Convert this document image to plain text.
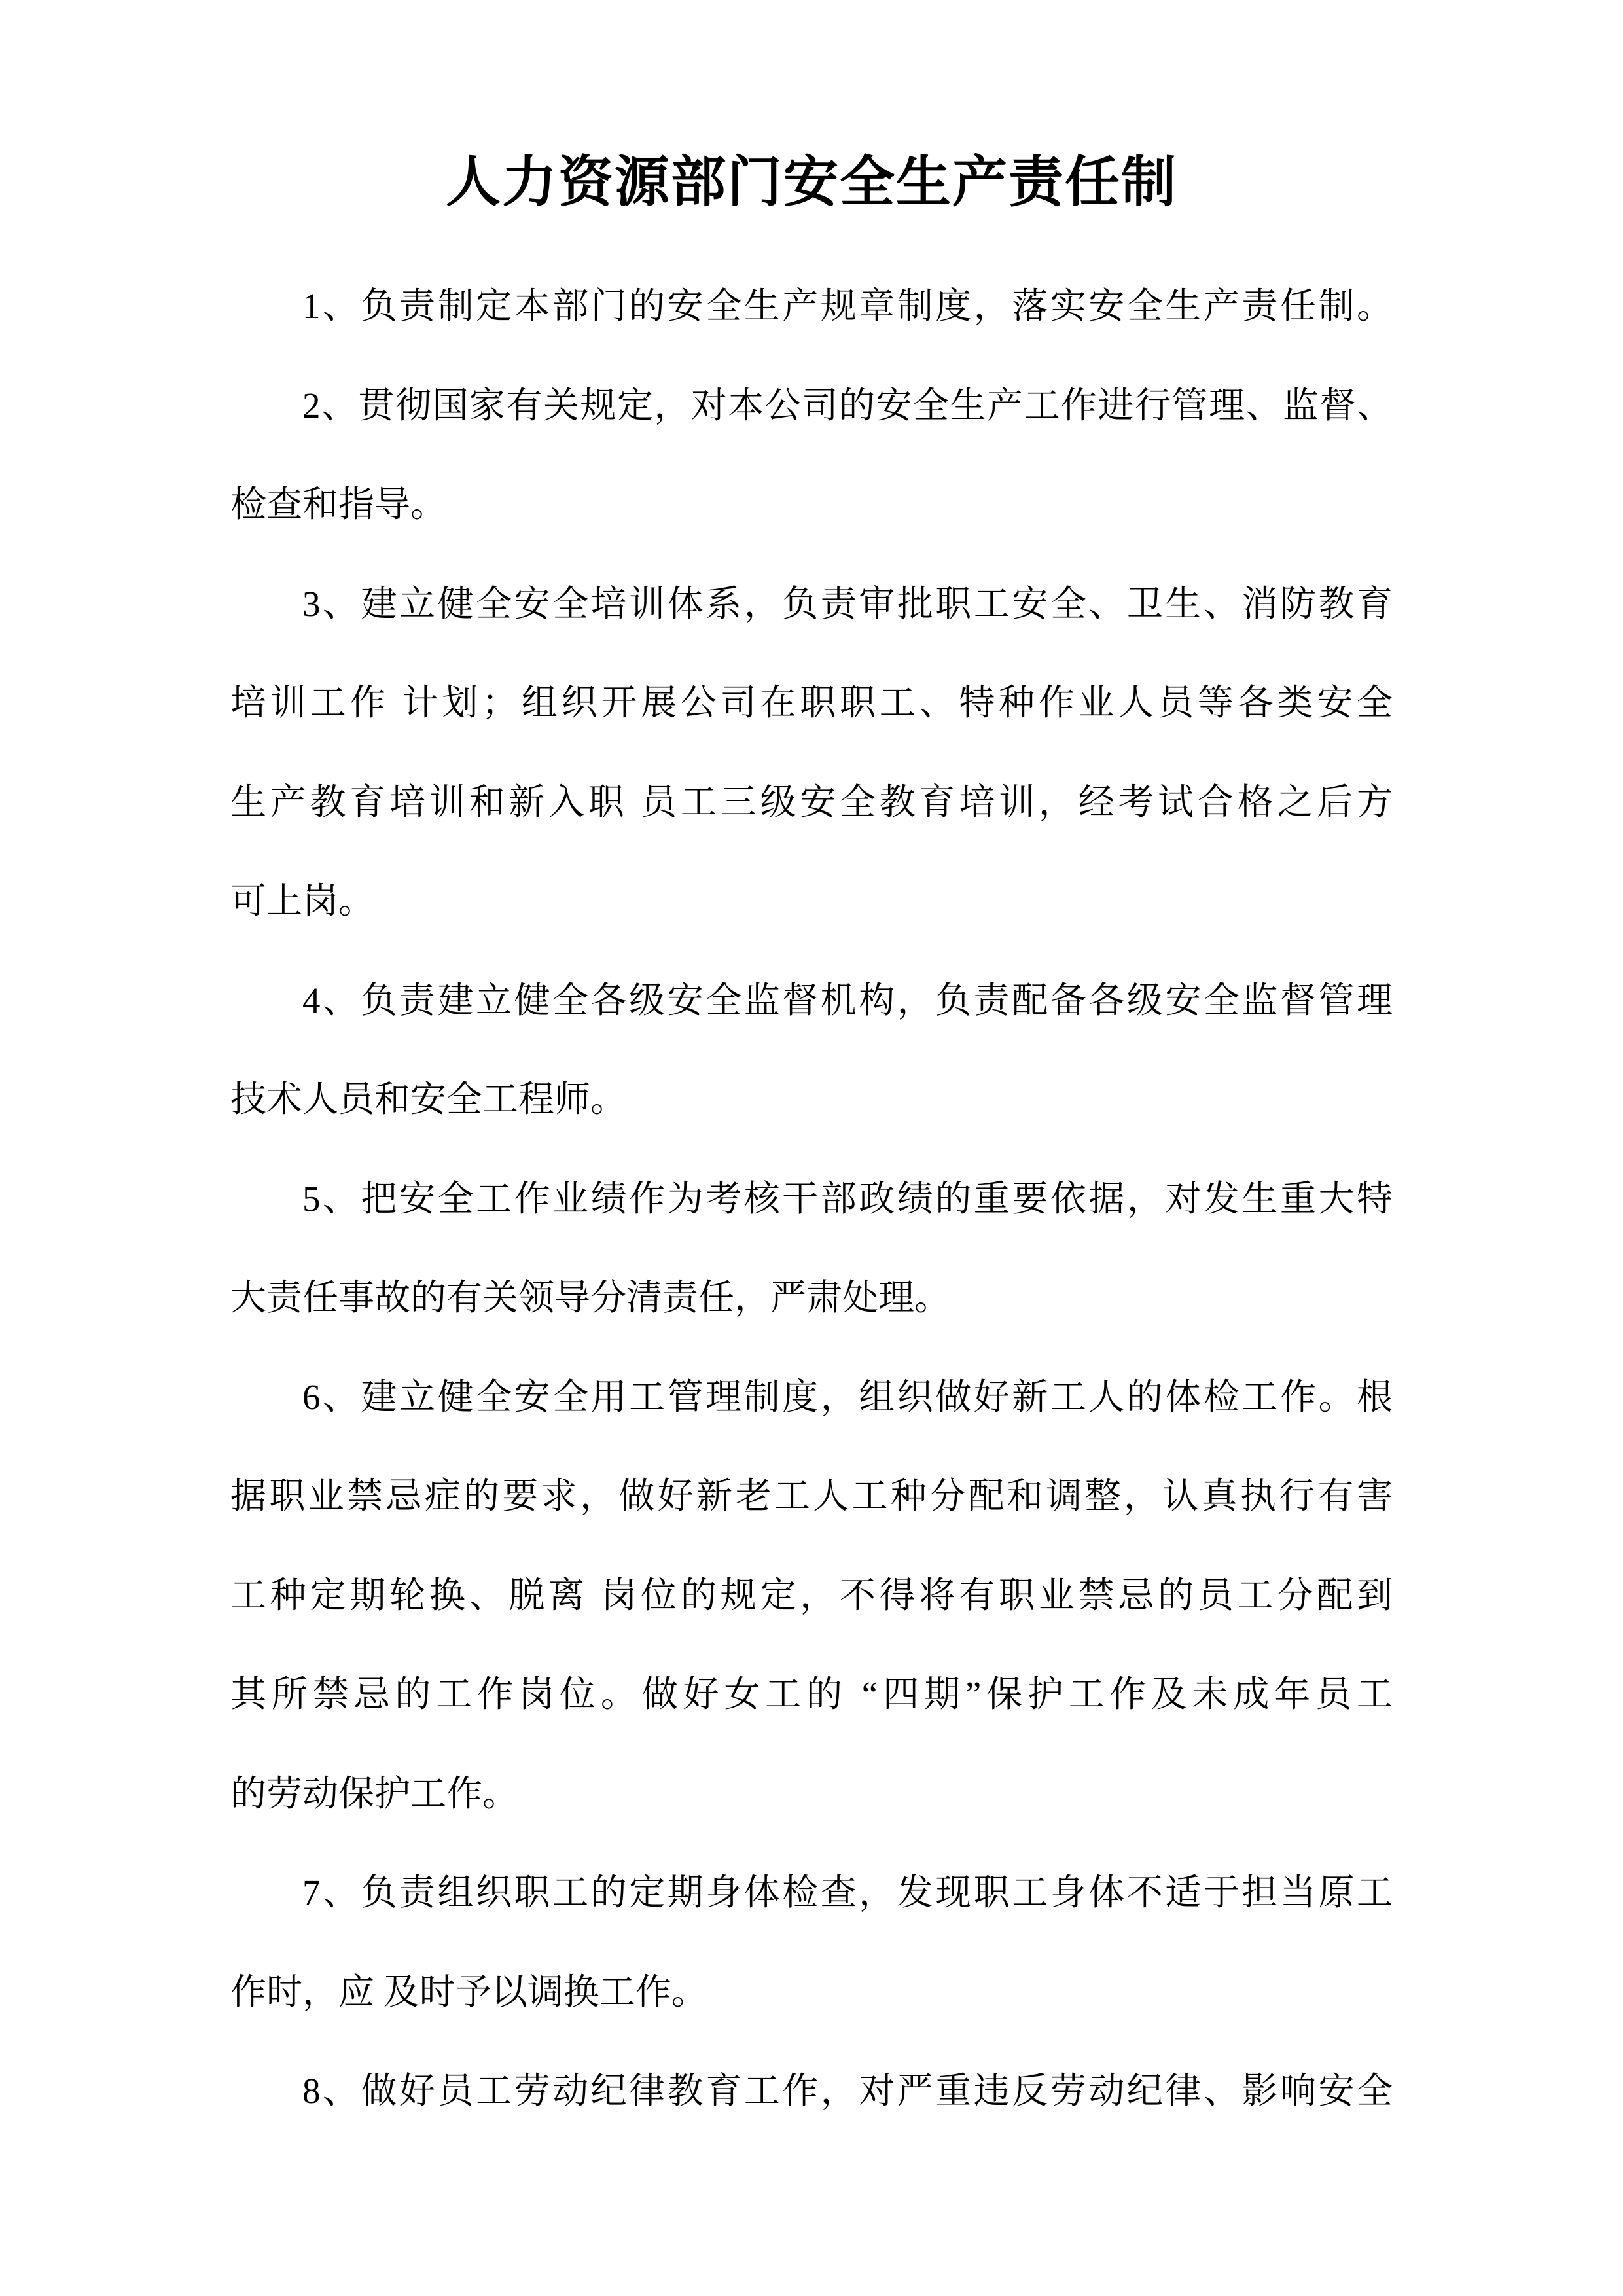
人力资源部门安全生产责任制
1、负责制定本部门的安全生产规章制度，落实安全生产责任制。
2、贯彻国家有关规定，对本公司的安全生产工作进行管理、监督、
检查和指导。
3、建立健全安全培训体系，负责审批职工安全、卫生、消防教育
培训工作 计划；组织开展公司在职职工、特种作业人员等各类安全
生产教育培训和新入职 员工三级安全教育培训，经考试合格之后方
可上岗。
4、负责建立健全各级安全监督机构，负责配备各级安全监督管理
技术人员和安全工程师。
5、把安全工作业绩作为考核干部政绩的重要依据，对发生重大特
大责任事故的有关领导分清责任，严肃处理。
6、建立健全安全用工管理制度，组织做好新工人的体检工作。根
据职业禁忌症的要求，做好新老工人工种分配和调整，认真执行有害
工种定期轮换、脱离 岗位的规定，不得将有职业禁忌的员工分配到
其所禁忌的工作岗位。做好女工的 “四期”保护工作及未成年员工
的劳动保护工作。
7、负责组织职工的定期身体检查，发现职工身体不适于担当原工
作时，应 及时予以调换工作。
8、做好员工劳动纪律教育工作，对严重违反劳动纪律、影响安全
